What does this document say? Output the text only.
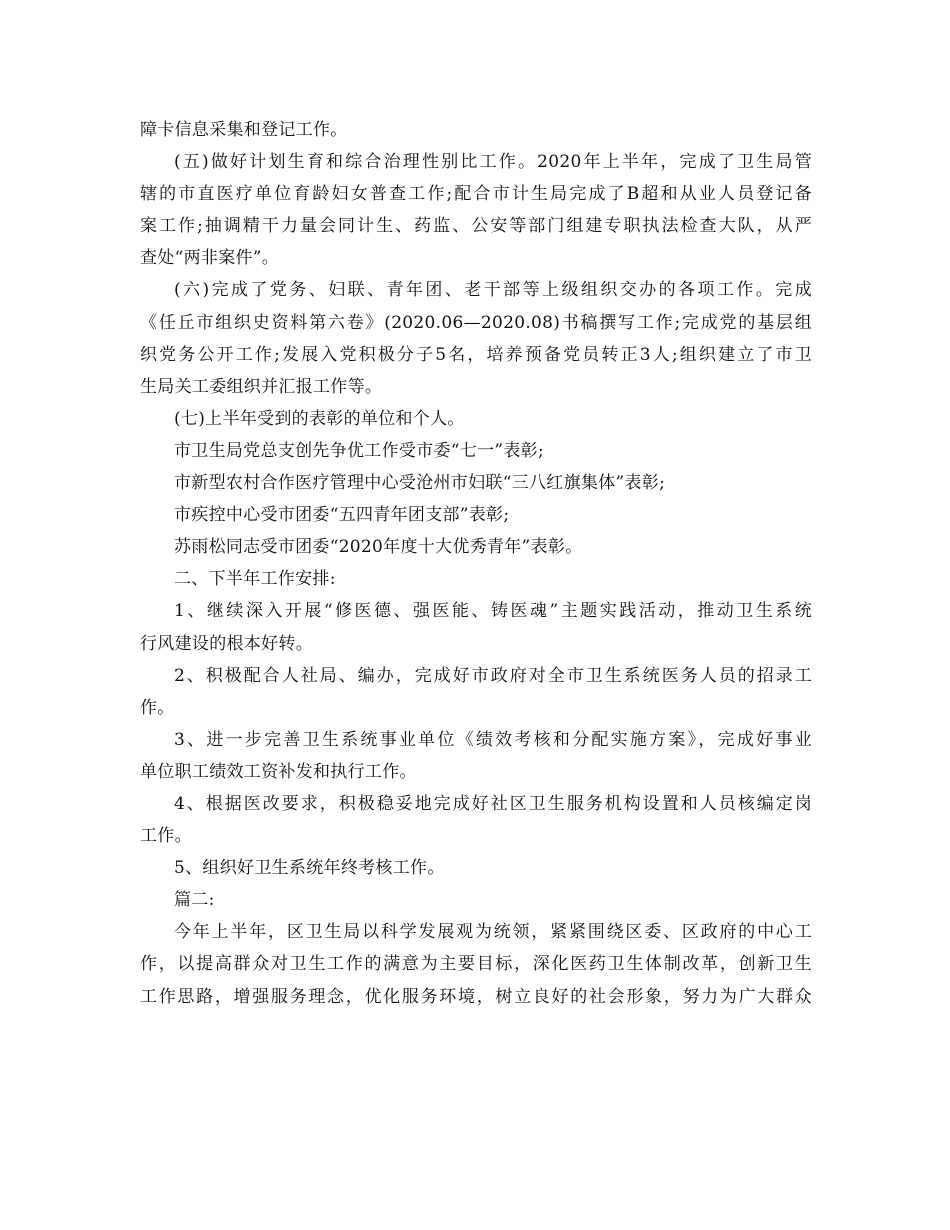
障卡信息采集和登记工作。
(五)做好计划生育和综合治理性别比工作。2020年上半年，完成了卫生局管
辖的市直医疗单位育龄妇女普查工作;配合市计生局完成了B超和从业人员登记备
案工作;抽调精干力量会同计生、药监、公安等部门组建专职执法检查大队，从严
查处“两非案件”。
(六)完成了党务、妇联、青年团、老干部等上级组织交办的各项工作。完成
《任丘市组织史资料第六卷》(2020.06—2020.08)书稿撰写工作;完成党的基层组
织党务公开工作;发展入党积极分子5名，培养预备党员转正3人;组织建立了市卫
生局关工委组织并汇报工作等。
(七)上半年受到的表彰的单位和个人。
市卫生局党总支创先争优工作受市委“七一”表彰;
市新型农村合作医疗管理中心受沧州市妇联“三八红旗集体”表彰;
市疾控中心受市团委“五四青年团支部”表彰;
苏雨松同志受市团委“2020年度十大优秀青年”表彰。
二、下半年工作安排:
1、继续深入开展“修医德、强医能、铸医魂”主题实践活动，推动卫生系统
行风建设的根本好转。
2、积极配合人社局、编办，完成好市政府对全市卫生系统医务人员的招录工
作。
3、进一步完善卫生系统事业单位《绩效考核和分配实施方案》，完成好事业
单位职工绩效工资补发和执行工作。
4、根据医改要求，积极稳妥地完成好社区卫生服务机构设置和人员核编定岗
工作。
5、组织好卫生系统年终考核工作。
篇二:
今年上半年，区卫生局以科学发展观为统领，紧紧围绕区委、区政府的中心工
作，以提高群众对卫生工作的满意为主要目标，深化医药卫生体制改革，创新卫生
工作思路，增强服务理念，优化服务环境，树立良好的社会形象，努力为广大群众
